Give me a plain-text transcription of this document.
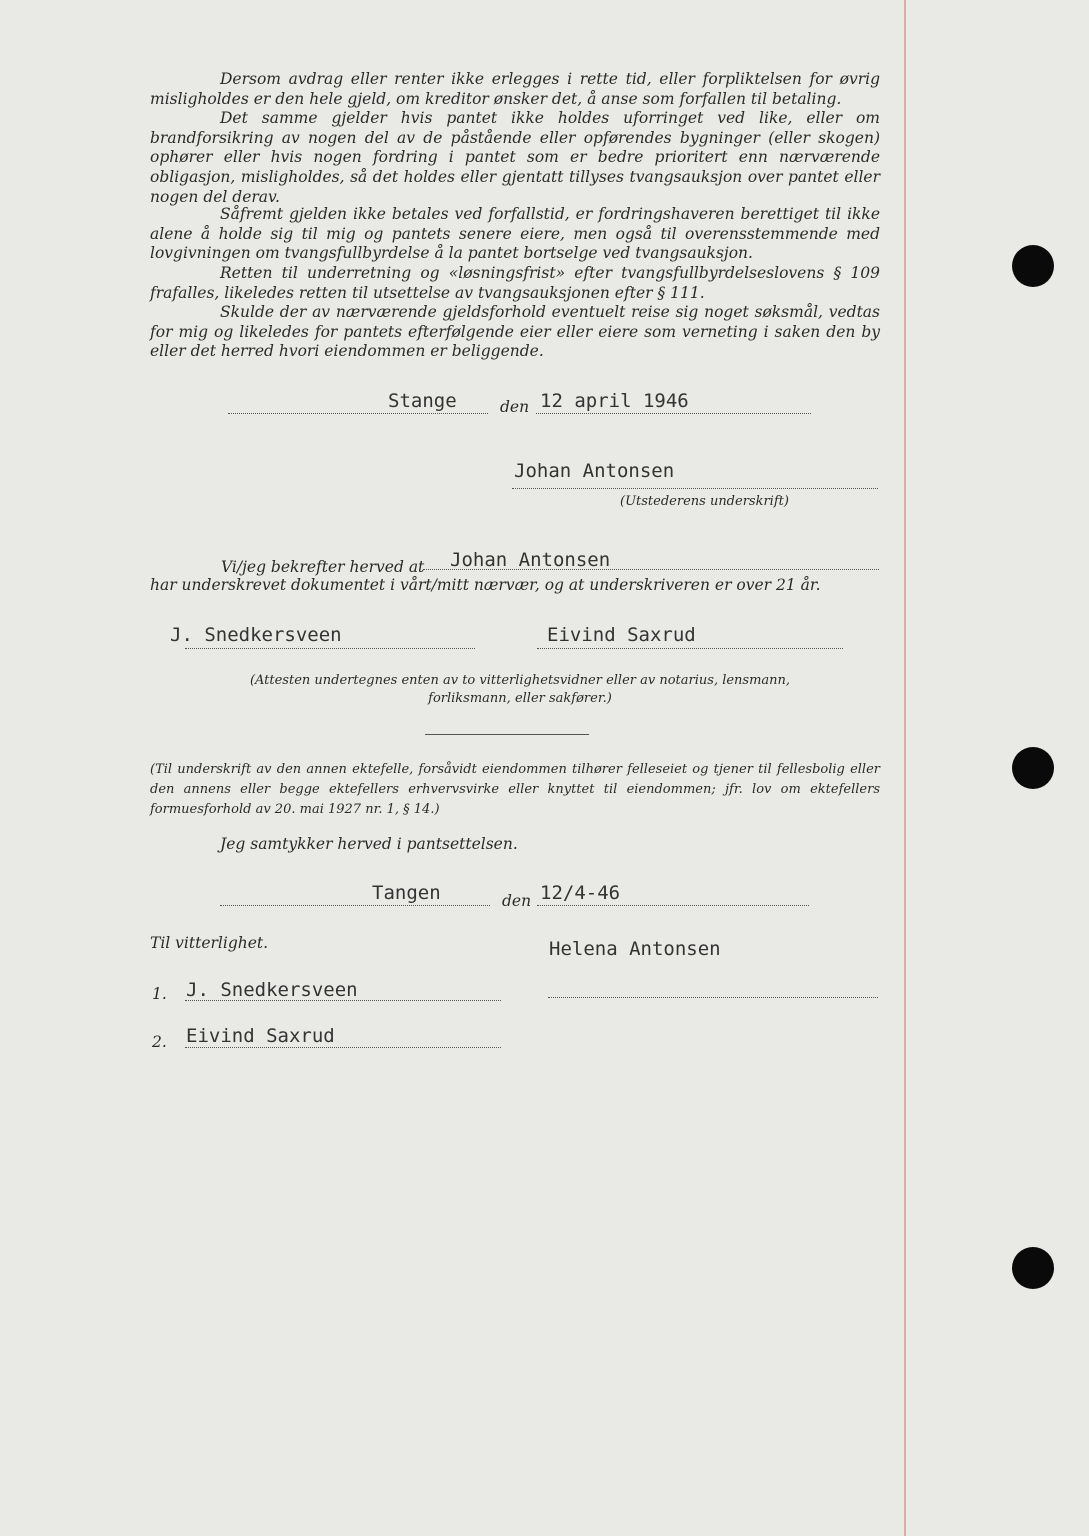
Dersom avdrag eller renter ikke erlegges i rette tid, eller forpliktelsen for øvrig misligholdes er den hele gjeld, om kreditor ønsker det, å anse som forfallen til betaling.

Det samme gjelder hvis pantet ikke holdes uforringet ved like, eller om brandforsikring av nogen del av de påstående eller opførendes bygninger (eller skogen) ophører eller hvis nogen fordring i pantet som er bedre prioritert enn nærværende obligasjon, misligholdes, så det holdes eller gjentatt tillyses tvangsauksjon over pantet eller nogen del derav.

Såfremt gjelden ikke betales ved forfallstid, er fordringshaveren berettiget til ikke alene å holde sig til mig og pantets senere eiere, men også til overensstemmende med lovgivningen om tvangsfullbyrdelse å la pantet bortselge ved tvangsauksjon.

Retten til underretning og «løsningsfrist» efter tvangsfullbyrdelseslovens § 109 frafalles, likeledes retten til utsettelse av tvangsauksjonen efter § 111.

Skulde der av nærværende gjeldsforhold eventuelt reise sig noget søksmål, vedtas for mig og likeledes for pantets efterfølgende eier eller eiere som verneting i saken den by eller det herred hvori eiendommen er beliggende.

Stange	den 12 april 1946
Johan Antonsen
(Utstederens underskrift)
Vi/jeg bekrefter herved at Johan Antonsen
har underskrevet dokumentet i vårt/mitt nærvær, og at underskriveren er over 21 år.
J. Snedkersveen	Eivind Saxrud
(Attesten undertegnes enten av to vitterlighetsvidner eller av notarius, lensmann, forliksmann, eller sakfører.)
(Til underskrift av den annen ektefelle, forsåvidt eiendommen tilhører felleseiet og tjener til fellesbolig eller den annens eller begge ektefellers erhvervsvirke eller knyttet til eiendommen; jfr. lov om ektefellers formuesforhold av 20. mai 1927 nr. 1, § 14.)
Jeg samtykker herved i pantsettelsen.
Tangen	den 12/4-46
Til vitterlighet.	Helena Antonsen
1. J. Snedkersveen
2. Eivind Saxrud
